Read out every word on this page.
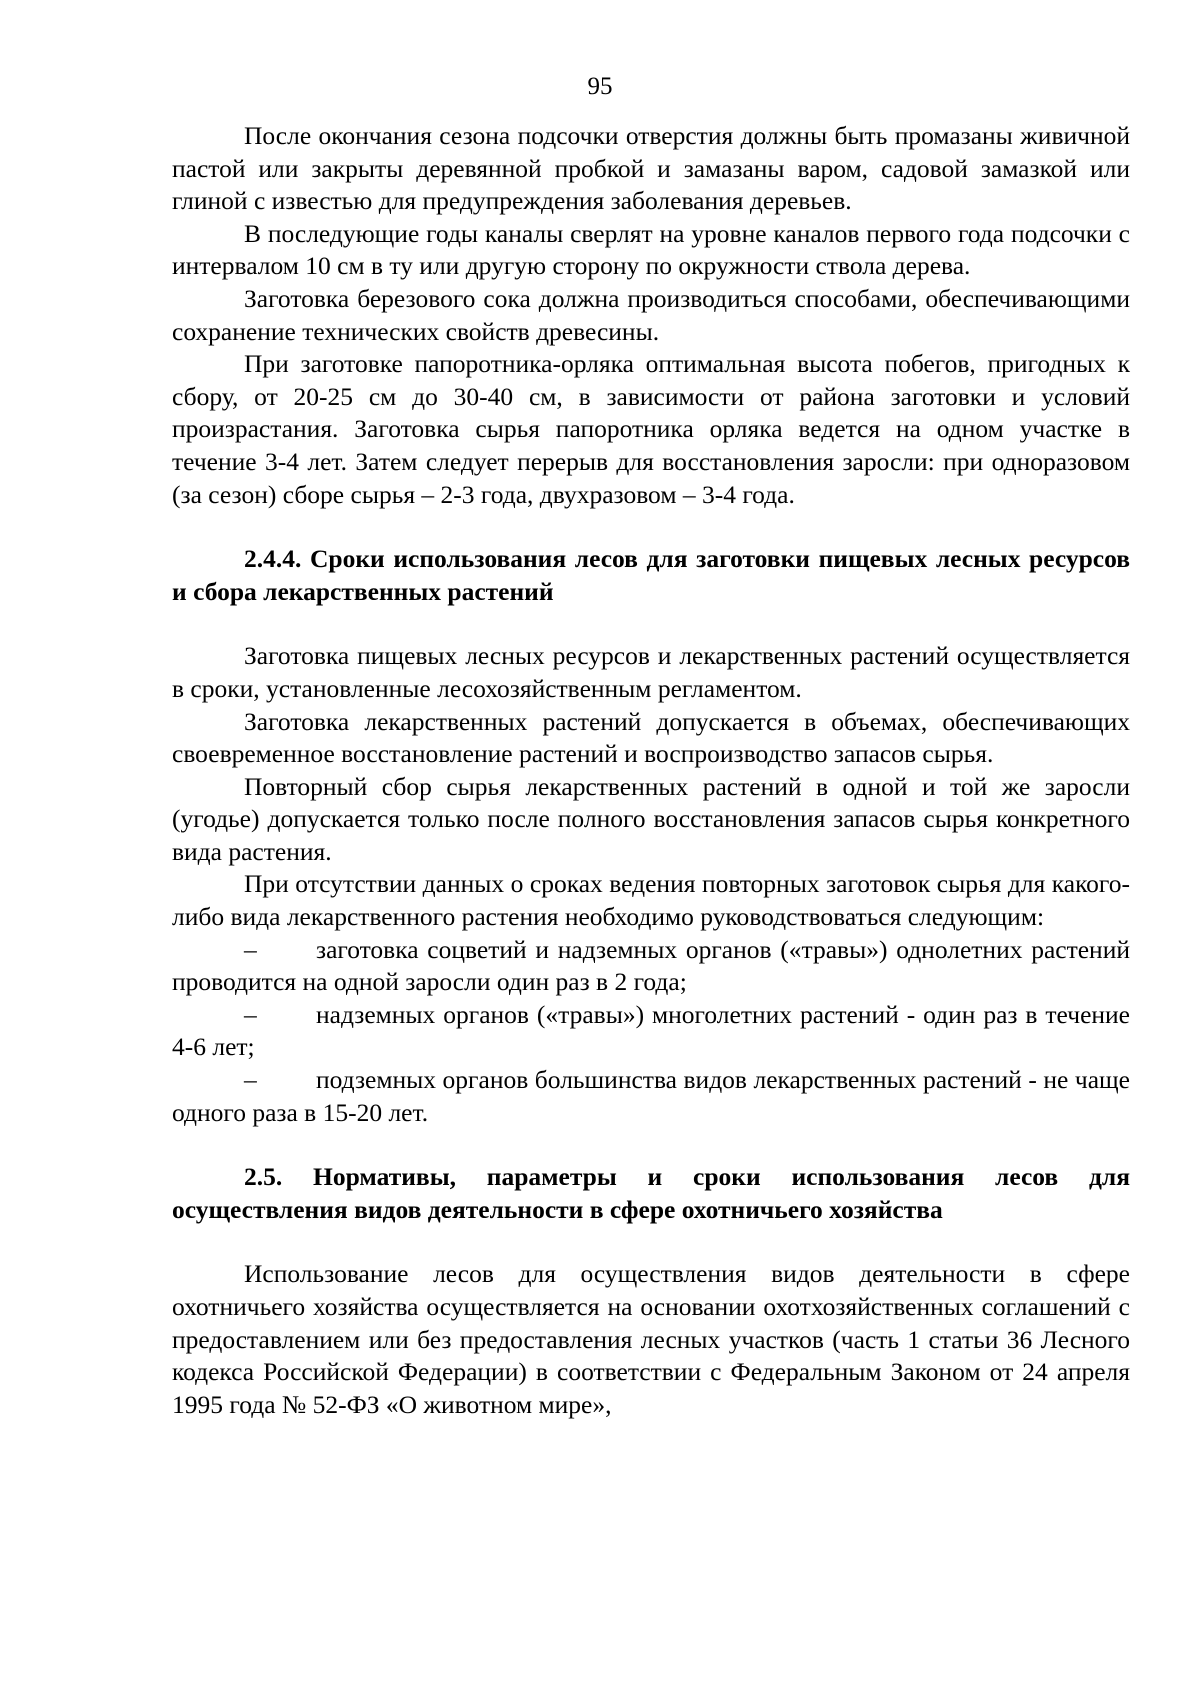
95

После окончания сезона подсочки отверстия должны быть промазаны живичной пастой или закрыты деревянной пробкой и замазаны варом, садовой замазкой или глиной с известью для предупреждения заболевания деревьев.

В последующие годы каналы сверлят на уровне каналов первого года подсочки с интервалом 10 см в ту или другую сторону по окружности ствола дерева.

Заготовка березового сока должна производиться способами, обеспечивающими сохранение технических свойств древесины.

При заготовке папоротника-орляка оптимальная высота побегов, пригодных к сбору, от 20-25 см до 30-40 см, в зависимости от района заготовки и условий произрастания. Заготовка сырья папоротника орляка ведется на одном участке в течение 3-4 лет. Затем следует перерыв для восстановления заросли: при одноразовом (за сезон) сборе сырья – 2-3 года, двухразовом – 3-4 года.

2.4.4. Сроки использования лесов для заготовки пищевых лесных ресурсов и сбора лекарственных растений

Заготовка пищевых лесных ресурсов и лекарственных растений осуществляется в сроки, установленные лесохозяйственным регламентом.

Заготовка лекарственных растений допускается в объемах, обеспечивающих своевременное восстановление растений и воспроизводство запасов сырья.

Повторный сбор сырья лекарственных растений в одной и той же заросли (угодье) допускается только после полного восстановления запасов сырья конкретного вида растения.

При отсутствии данных о сроках ведения повторных заготовок сырья для какого-либо вида лекарственного растения необходимо руководствоваться следующим:

– заготовка соцветий и надземных органов («травы») однолетних растений проводится на одной заросли один раз в 2 года;

– надземных органов («травы») многолетних растений - один раз в течение 4-6 лет;

– подземных органов большинства видов лекарственных растений - не чаще одного раза в 15-20 лет.

2.5. Нормативы, параметры и сроки использования лесов для осуществления видов деятельности в сфере охотничьего хозяйства

Использование лесов для осуществления видов деятельности в сфере охотничьего хозяйства осуществляется на основании охотхозяйственных соглашений с предоставлением или без предоставления лесных участков (часть 1 статьи 36 Лесного кодекса Российской Федерации) в соответствии с Федеральным Законом от 24 апреля 1995 года № 52-ФЗ «О животном мире»,
